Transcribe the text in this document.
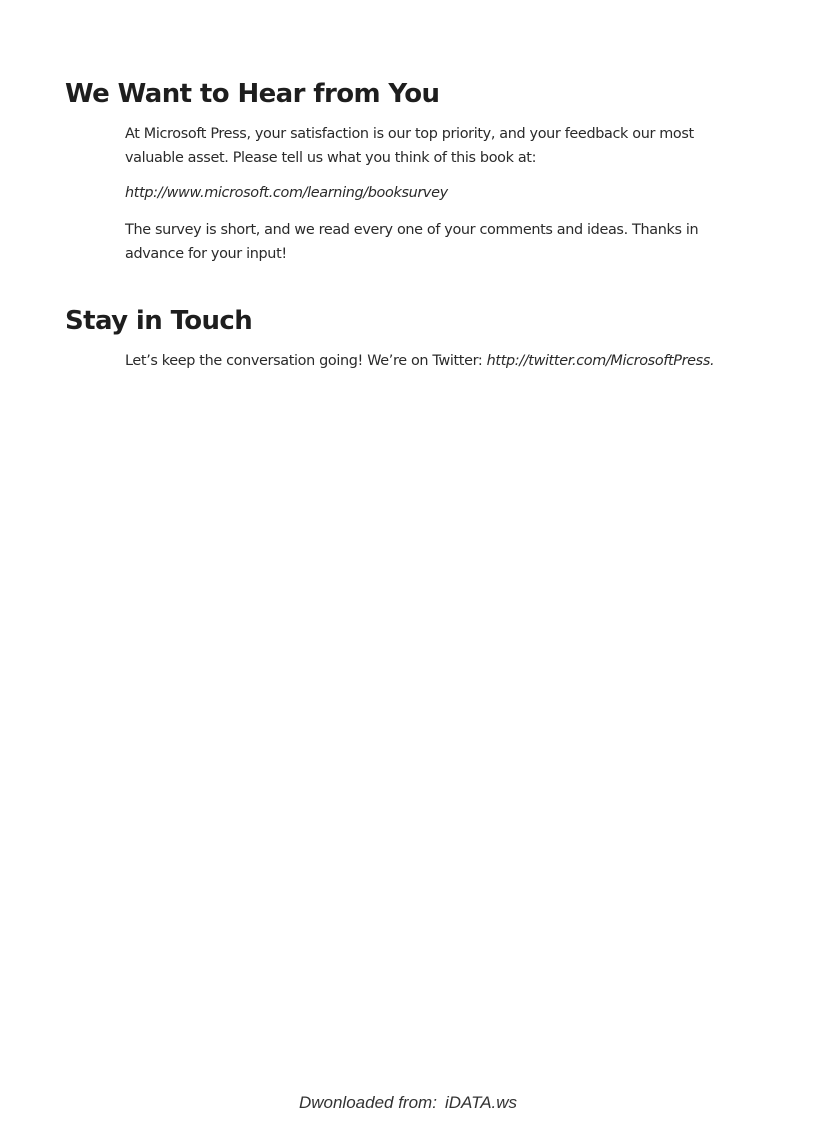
We Want to Hear from You

At Microsoft Press, your satisfaction is our top priority, and your feedback our most valuable asset. Please tell us what you think of this book at:

http://www.microsoft.com/learning/booksurvey

The survey is short, and we read every one of your comments and ideas. Thanks in advance for your input!

Stay in Touch

Let’s keep the conversation going! We’re on Twitter: http://twitter.com/MicrosoftPress.

Dwonloaded from: iDATA.ws
